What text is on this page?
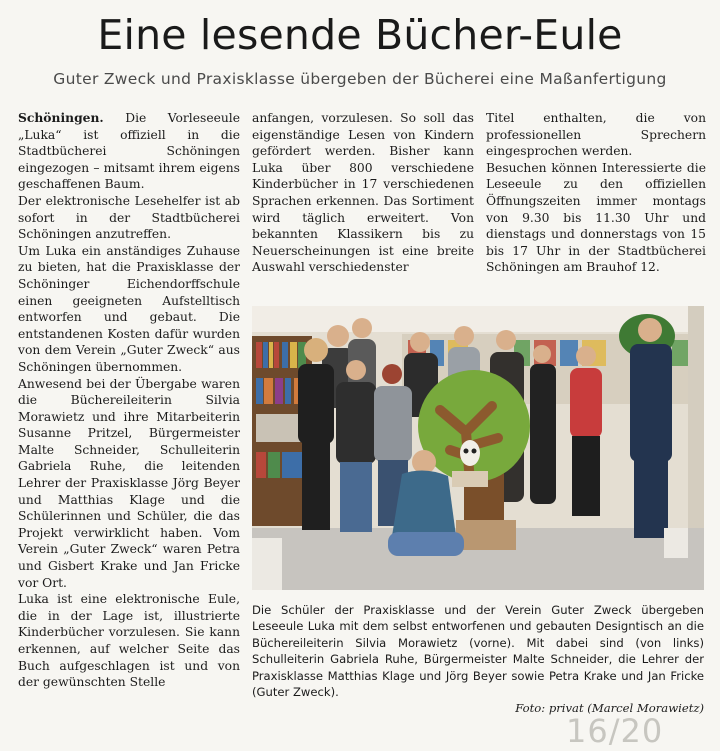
Eine lesende Bücher-Eule
Guter Zweck und Praxisklasse übergeben der Bücherei eine Maßanfertigung

Schöningen. Die Vorleseeule „Luka“ ist offiziell in die Stadtbücherei Schöningen eingezogen – mitsamt ihrem eigens geschaffenen Baum.

Der elektronische Lesehelfer ist ab sofort in der Stadtbücherei Schöningen anzutreffen.

Um Luka ein anständiges Zuhause zu bieten, hat die Praxisklasse der Schöninger Eichendorffschule einen geeigneten Aufstelltisch entworfen und gebaut. Die entstandenen Kosten dafür wurden von dem Verein „Guter Zweck“ aus Schöningen übernommen.

Anwesend bei der Übergabe waren die Büchereileiterin Silvia Morawietz und ihre Mitarbeiterin Susanne Pritzel, Bürgermeister Malte Schneider, Schulleiterin Gabriela Ruhe, die leitenden Lehrer der Praxisklasse Jörg Beyer und Matthias Klage und die Schülerinnen und Schüler, die das Projekt verwirklicht haben. Vom Verein „Guter Zweck“ waren Petra und Gisbert Krake und Jan Fricke vor Ort.

Luka ist eine elektronische Eule, die in der Lage ist, illustrierte Kinderbücher vorzulesen. Sie kann erkennen, auf welcher Seite das Buch aufgeschlagen ist und von der gewünschten Stelle

anfangen, vorzulesen. So soll das eigenständige Lesen von Kindern gefördert werden. Bisher kann Luka über 800 verschiedene Kinderbücher in 17 verschiedenen Sprachen erkennen. Das Sortiment wird täglich erweitert. Von bekannten Klassikern bis zu Neuerscheinungen ist eine breite Auswahl verschiedenster

Titel enthalten, die von professionellen Sprechern eingesprochen werden.

Besuchen können Interessierte die Leseeule zu den offiziellen Öffnungszeiten immer montags von 9.30 bis 11.30 Uhr und dienstags und donnerstags von 15 bis 17 Uhr in der Stadtbücherei Schöningen am Brauhof 12.

Die Schüler der Praxisklasse und der Verein Guter Zweck übergeben Leseeule Luka mit dem selbst entworfenen und gebauten Designtisch an die Büchereileiterin Silvia Morawietz (vorne). Mit dabei sind (von links) Schulleiterin Gabriela Ruhe, Bürgermeister Malte Schneider, die Lehrer der Praxisklasse Matthias Klage und Jörg Beyer sowie Petra Krake und Jan Fricke (Guter Zweck).
Foto: privat (Marcel Morawietz)
16/20
